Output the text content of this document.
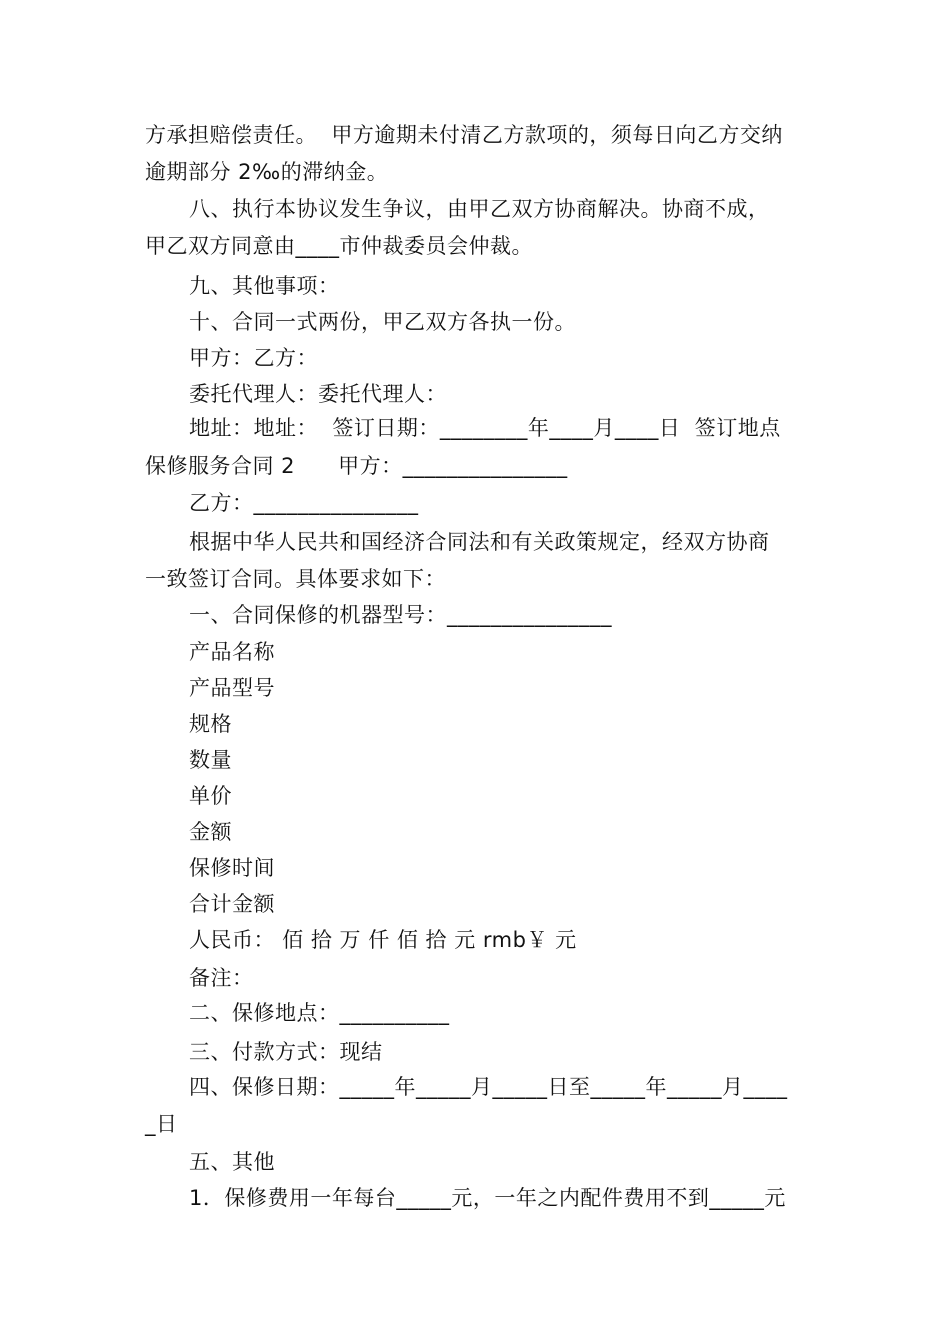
方承担赔偿责任。  甲方逾期未付清乙方款项的，须每日向乙方交纳
逾期部分 2‰的滞纳金。
八、执行本协议发生争议，由甲乙双方协商解决。协商不成，
甲乙双方同意由____市仲裁委员会仲裁。
九、其他事项：
十、合同一式两份，甲乙双方各执一份。
甲方：乙方：
委托代理人：委托代理人：
地址：地址：  签订日期：________年____月____日  签订地点
保修服务合同 2      甲方：_______________
乙方：_______________
根据中华人民共和国经济合同法和有关政策规定，经双方协商
一致签订合同。具体要求如下：
一、合同保修的机器型号：_______________
产品名称
产品型号
规格
数量
单价
金额
保修时间
合计金额
人民币： 佰 拾 万 仟 佰 拾 元 rmb￥ 元
备注：
二、保修地点：__________
三、付款方式：现结
四、保修日期：_____年_____月_____日至_____年_____月____
_日
五、其他
1．保修费用一年每台_____元，一年之内配件费用不到_____元
